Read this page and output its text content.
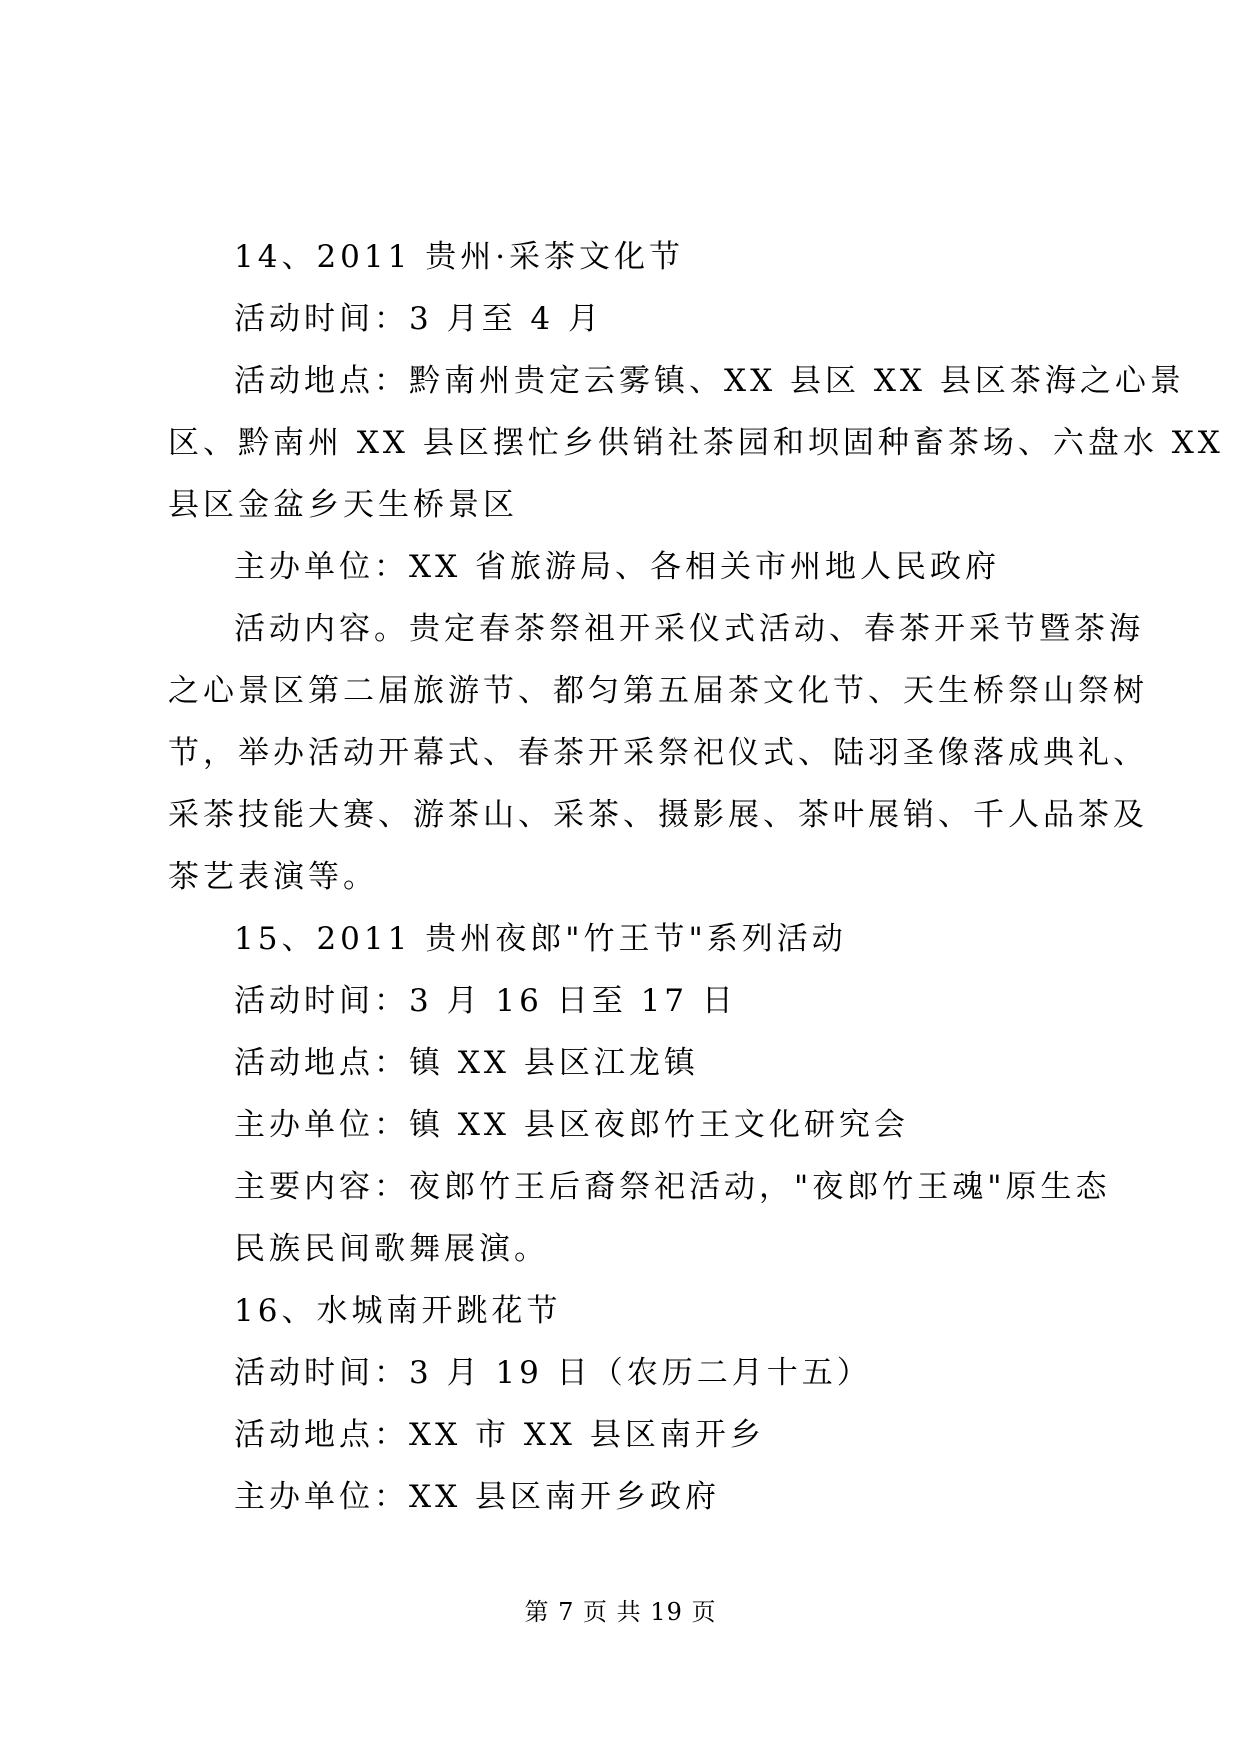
14、2011 贵州·采茶文化节
活动时间：3 月至 4 月
活动地点：黔南州贵定云雾镇、XX 县区 XX 县区茶海之心景
区、黔南州 XX 县区摆忙乡供销社茶园和坝固种畜茶场、六盘水 XX
县区金盆乡天生桥景区
主办单位：XX 省旅游局、各相关市州地人民政府
活动内容。贵定春茶祭祖开采仪式活动、春茶开采节暨茶海
之心景区第二届旅游节、都匀第五届茶文化节、天生桥祭山祭树
节，举办活动开幕式、春茶开采祭祀仪式、陆羽圣像落成典礼、
采茶技能大赛、游茶山、采茶、摄影展、茶叶展销、千人品茶及
茶艺表演等。
15、2011 贵州夜郎"竹王节"系列活动
活动时间：3 月 16 日至 17 日
活动地点：镇 XX 县区江龙镇
主办单位：镇 XX 县区夜郎竹王文化研究会
主要内容：夜郎竹王后裔祭祀活动，"夜郎竹王魂"原生态
民族民间歌舞展演。
16、水城南开跳花节
活动时间：3 月 19 日（农历二月十五）
活动地点：XX 市 XX 县区南开乡
主办单位：XX 县区南开乡政府
第 7 页 共 19 页
